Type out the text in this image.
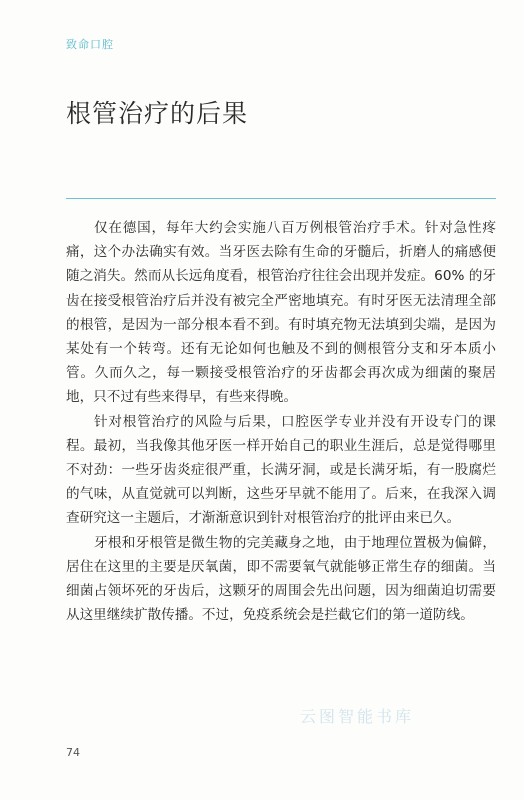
致命口腔
根管治疗的后果

仅在德国，每年大约会实施八百万例根管治疗手术。针对急性疼痛，这个办法确实有效。当牙医去除有生命的牙髓后，折磨人的痛感便随之消失。然而从长远角度看，根管治疗往往会出现并发症。60% 的牙齿在接受根管治疗后并没有被完全严密地填充。有时牙医无法清理全部的根管，是因为一部分根本看不到。有时填充物无法填到尖端，是因为某处有一个转弯。还有无论如何也触及不到的侧根管分支和牙本质小管。久而久之，每一颗接受根管治疗的牙齿都会再次成为细菌的聚居地，只不过有些来得早，有些来得晚。

针对根管治疗的风险与后果，口腔医学专业并没有开设专门的课程。最初，当我像其他牙医一样开始自己的职业生涯后，总是觉得哪里不对劲：一些牙齿炎症很严重，长满牙洞，或是长满牙垢，有一股腐烂的气味，从直觉就可以判断，这些牙早就不能用了。后来，在我深入调查研究这一主题后，才渐渐意识到针对根管治疗的批评由来已久。

牙根和牙根管是微生物的完美藏身之地，由于地理位置极为偏僻，居住在这里的主要是厌氧菌，即不需要氧气就能够正常生存的细菌。当细菌占领坏死的牙齿后，这颗牙的周围会先出问题，因为细菌迫切需要从这里继续扩散传播。不过，免疫系统会是拦截它们的第一道防线。

云图智能书库
74
